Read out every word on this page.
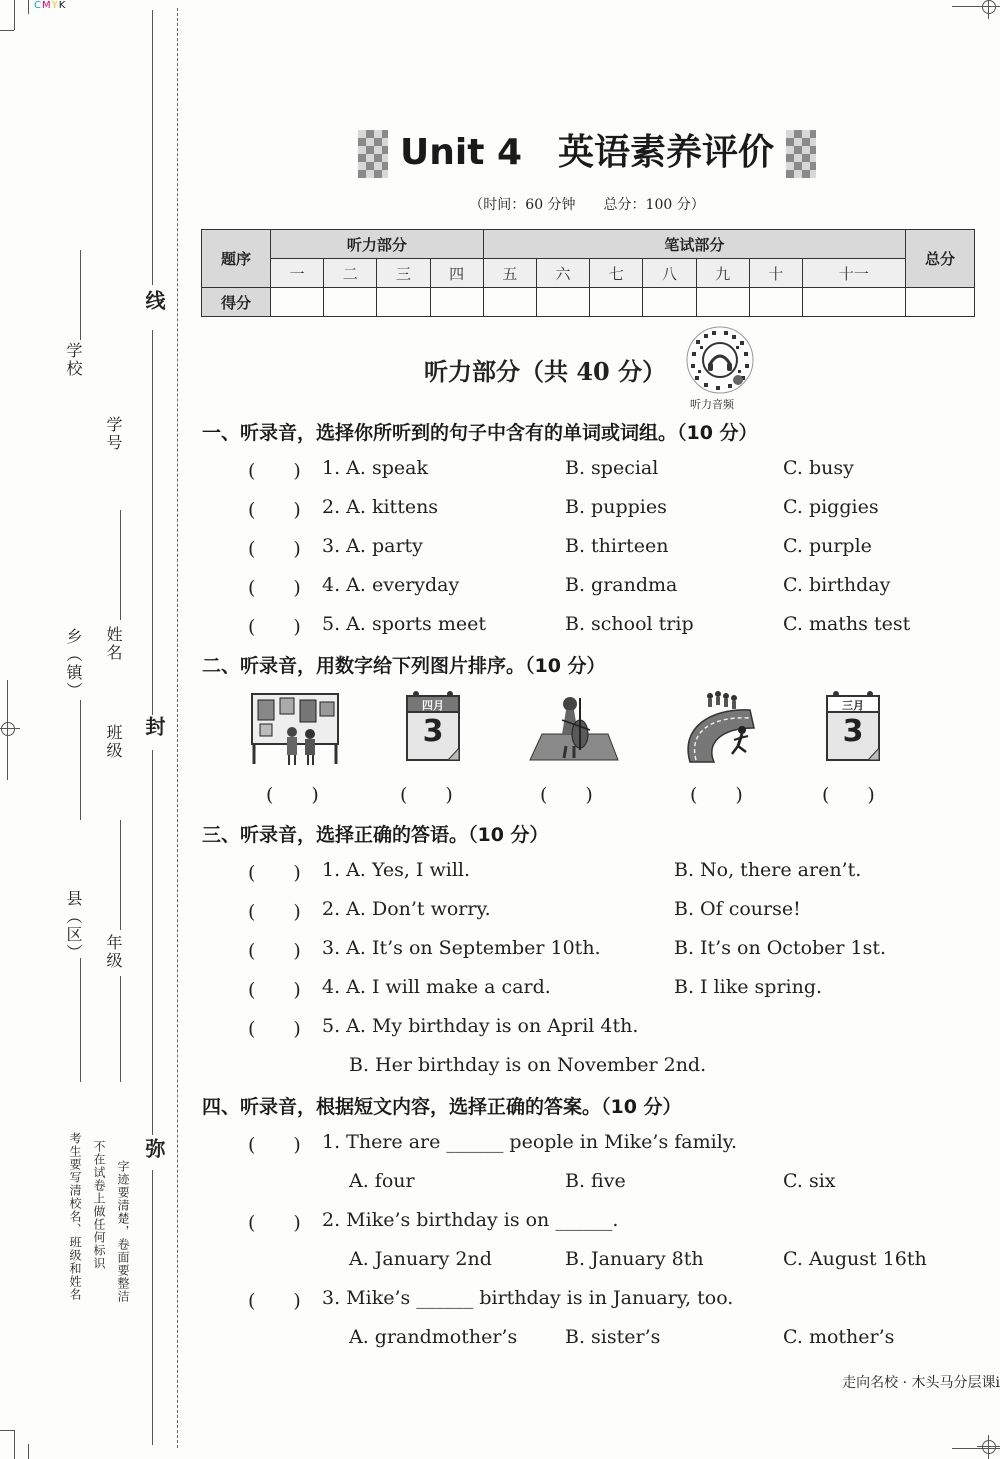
CMYK
线
封
弥
学校
乡（镇）
县（区）
学号
姓名
班级
年级
考生要写清校名、班级和姓名 不在试卷上做任何标识 字迹要清楚，卷面要整洁
Unit 4　英语素养评价
（时间：60 分钟　　总分：100 分）
题序	听力部分				笔试部分							总分
	一	二	三	四	五	六	七	八	九	十	十一	
得分												
听力部分（共 40 分）
听力音频
一、听录音，选择你所听到的句子中含有的单词或词组。（10 分）
(　　) 1. A. speak	B. special	C. busy
(　　) 2. A. kittens	B. puppies	C. piggies
(　　) 3. A. party	B. thirteen	C. purple
(　　) 4. A. everyday	B. grandma	C. birthday
(　　) 5. A. sports meet	B. school trip	C. maths test
二、听录音，用数字给下列图片排序。（10 分）
四月
3
三月
3
(　　)	(　　)	(　　)	(　　)	(　　)
三、听录音，选择正确的答语。（10 分）
(　　) 1. A. Yes, I will.	B. No, there aren’t.
(　　) 2. A. Don’t worry.	B. Of course!
(　　) 3. A. It’s on September 10th.	B. It’s on October 1st.
(　　) 4. A. I will make a card.	B. I like spring.
(　　) 5. A. My birthday is on April 4th.
B. Her birthday is on November 2nd.
四、听录音，根据短文内容，选择正确的答案。（10 分）
(　　) 1. There are ______ people in Mike’s family.
A. four	B. five	C. six
(　　) 2. Mike’s birthday is on ______.
A. January 2nd	B. January 8th	C. August 16th
(　　) 3. Mike’s ______ birthday is in January, too.
A. grandmother’s	B. sister’s	C. mother’s
走向名校 · 木头马分层课i
